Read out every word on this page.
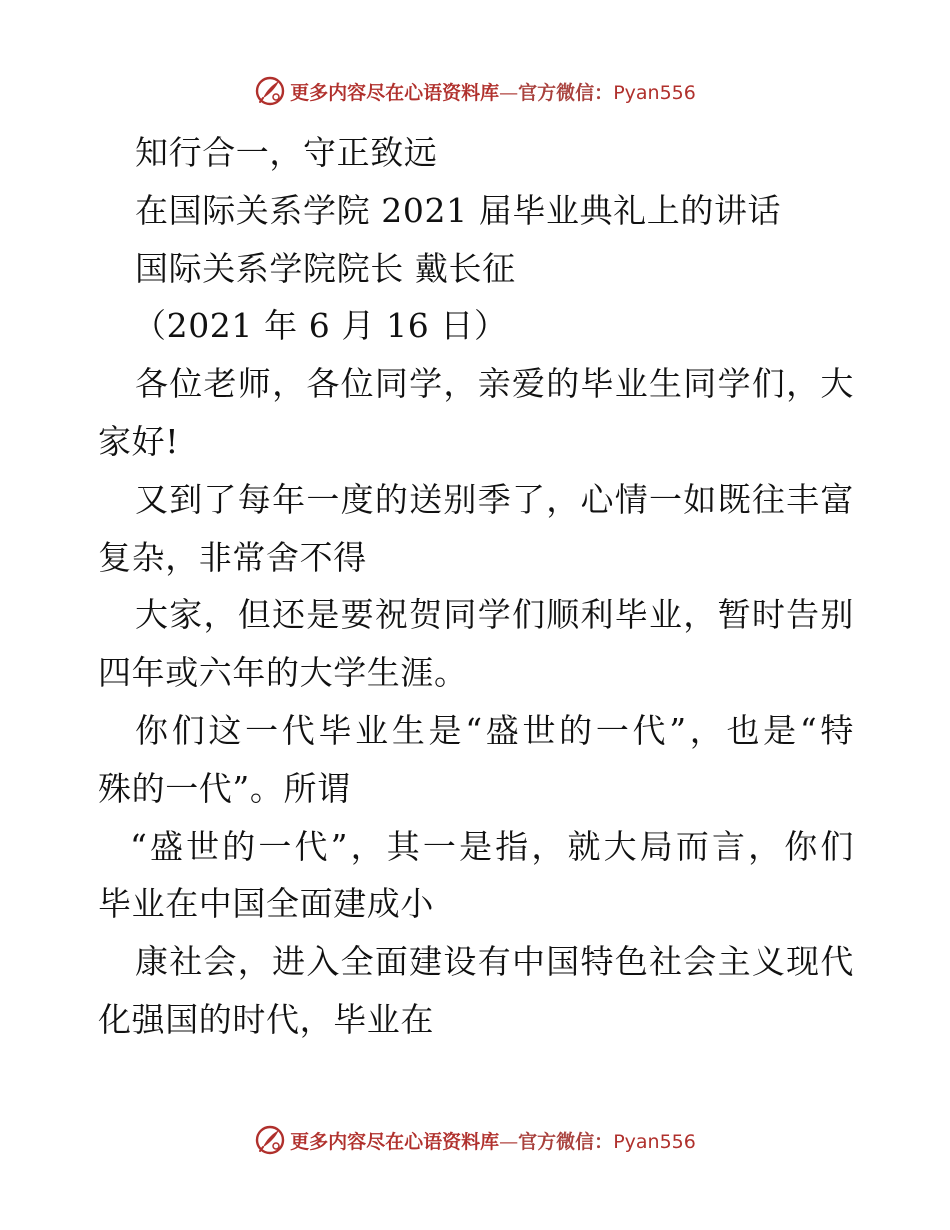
更多内容尽在心语资料库—官方微信：Pyan556
知行合一，守正致远
在国际关系学院 2021 届毕业典礼上的讲话
国际关系学院院长 戴长征
（2021 年 6 月 16 日）
各位老师，各位同学，亲爱的毕业生同学们，大
家好!
又到了每年一度的送别季了，心情一如既往丰富
复杂，非常舍不得
大家，但还是要祝贺同学们顺利毕业，暂时告别
四年或六年的大学生涯。
你们这一代毕业生是“盛世的一代”，也是“特
殊的一代”。所谓
“盛世的一代”，其一是指，就大局而言，你们
毕业在中国全面建成小
康社会，进入全面建设有中国特色社会主义现代
化强国的时代，毕业在
更多内容尽在心语资料库—官方微信：Pyan556
